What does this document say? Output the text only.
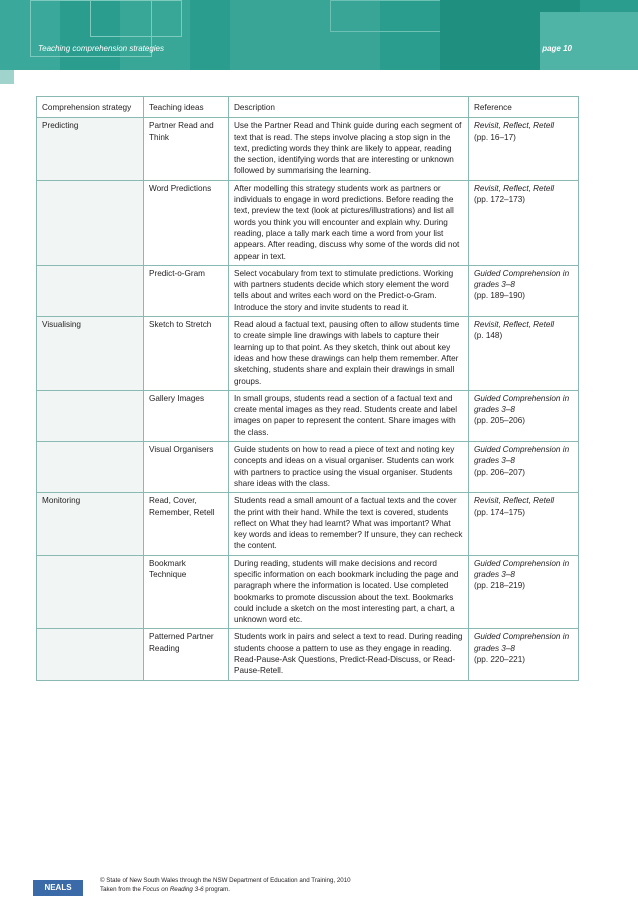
Teaching comprehension strategies	page 10
Comprehension strategy	Teaching ideas	Description	Reference
Predicting	Partner Read and Think	Use the Partner Read and Think guide during each segment of text that is read. The steps involve placing a stop sign in the text, predicting words they think are likely to appear, reading the section, identifying words that are interesting or unknown followed by summarising the learning.	Revisit, Reflect, Retell
(pp. 16–17)

	Word Predictions	After modelling this strategy students work as partners or individuals to engage in word predictions. Before reading the text, preview the text (look at pictures/illustrations) and list all words you think you will encounter and explain why. During reading, place a tally mark each time a word from your list appears. After reading, discuss why some of the words did not appear in text.	Revisit, Reflect, Retell
(pp. 172–173)

	Predict-o-Gram	Select vocabulary from text to stimulate predictions. Working with partners students decide which story element the word tells about and writes each word on the Predict-o-Gram. Introduce the story and invite students to read it.	Guided Comprehension in grades 3–8
(pp. 189–190)

Visualising	Sketch to Stretch	Read aloud a factual text, pausing often to allow students time to create simple line drawings with labels to capture their learning up to that point. As they sketch, think out about key ideas and how these drawings can help them remember. After sketching, students share and explain their drawings in small groups.	Revisit, Reflect, Retell
(p. 148)

	Gallery Images	In small groups, students read a section of a factual text and create mental images as they read. Students create and label images on paper to represent the content. Share images with the class.	Guided Comprehension in grades 3–8
(pp. 205–206)

	Visual Organisers	Guide students on how to read a piece of text and noting key concepts and ideas on a visual organiser. Students can work with partners to practice using the visual organiser. Students share ideas with the class.	Guided Comprehension in grades 3–8
(pp. 206–207)

Monitoring	Read, Cover, Remember, Retell	Students read a small amount of a factual texts and the cover the print with their hand. While the text is covered, students reflect on What they had learnt? What was important? What key words and ideas to remember? If unsure, they can recheck the content.	Revisit, Reflect, Retell
(pp. 174–175)

	Bookmark Technique	During reading, students will make decisions and record specific information on each bookmark including the page and paragraph where the information is located. Use completed bookmarks to promote discussion about the text. Bookmarks could include a sketch on the most interesting part, a chart, a unknown word etc.	Guided Comprehension in grades 3–8
(pp. 218–219)

	Patterned Partner Reading	Students work in pairs and select a text to read. During reading students choose a pattern to use as they engage in reading. Read-Pause-Ask Questions, Predict-Read-Discuss, or Read-Pause-Retell.	Guided Comprehension in grades 3–8
(pp. 220–221)
NEALS
© State of New South Wales through the NSW Department of Education and Training, 2010
Taken from the Focus on Reading 3-6 program.
